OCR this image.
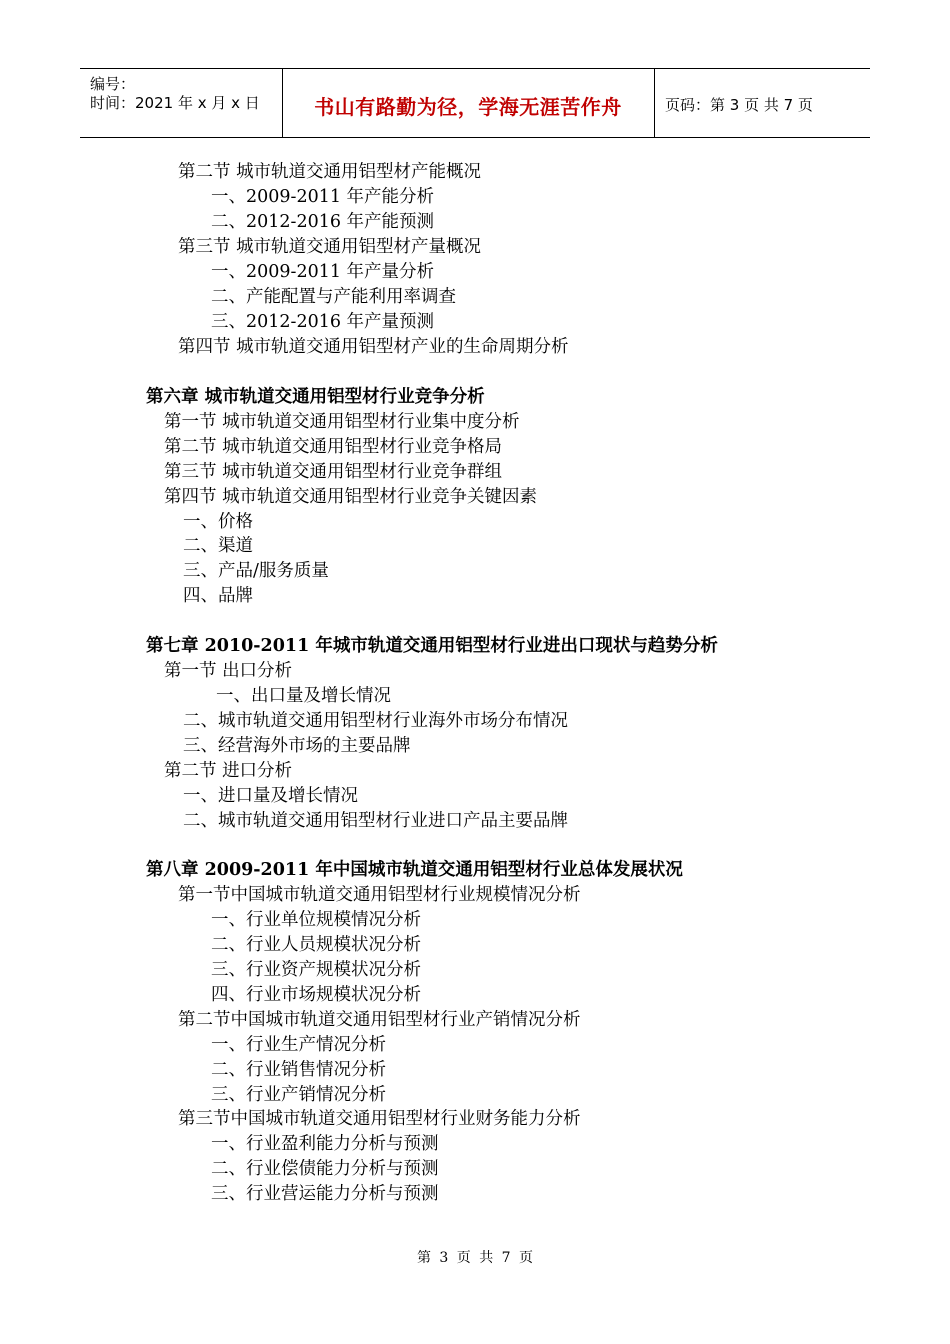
编号：
时间：2021 年 x 月 x 日	书山有路勤为径，学海无涯苦作舟	页码：第 3 页 共 7 页
第二节 城市轨道交通用铝型材产能概况
一、2009-2011 年产能分析
二、2012-2016 年产能预测
第三节 城市轨道交通用铝型材产量概况
一、2009-2011 年产量分析
二、产能配置与产能利用率调查
三、2012-2016 年产量预测
第四节 城市轨道交通用铝型材产业的生命周期分析
第六章 城市轨道交通用铝型材行业竞争分析
第一节 城市轨道交通用铝型材行业集中度分析
第二节 城市轨道交通用铝型材行业竞争格局
第三节 城市轨道交通用铝型材行业竞争群组
第四节 城市轨道交通用铝型材行业竞争关键因素
一、价格
二、渠道
三、产品/服务质量
四、品牌
第七章 2010-2011 年城市轨道交通用铝型材行业进出口现状与趋势分析
第一节 出口分析
一、出口量及增长情况
二、城市轨道交通用铝型材行业海外市场分布情况
三、经营海外市场的主要品牌
第二节 进口分析
一、进口量及增长情况
二、城市轨道交通用铝型材行业进口产品主要品牌
第八章 2009-2011 年中国城市轨道交通用铝型材行业总体发展状况
第一节中国城市轨道交通用铝型材行业规模情况分析
一、行业单位规模情况分析
二、行业人员规模状况分析
三、行业资产规模状况分析
四、行业市场规模状况分析
第二节中国城市轨道交通用铝型材行业产销情况分析
一、行业生产情况分析
二、行业销售情况分析
三、行业产销情况分析
第三节中国城市轨道交通用铝型材行业财务能力分析
一、行业盈利能力分析与预测
二、行业偿债能力分析与预测
三、行业营运能力分析与预测
第 3 页 共 7 页
